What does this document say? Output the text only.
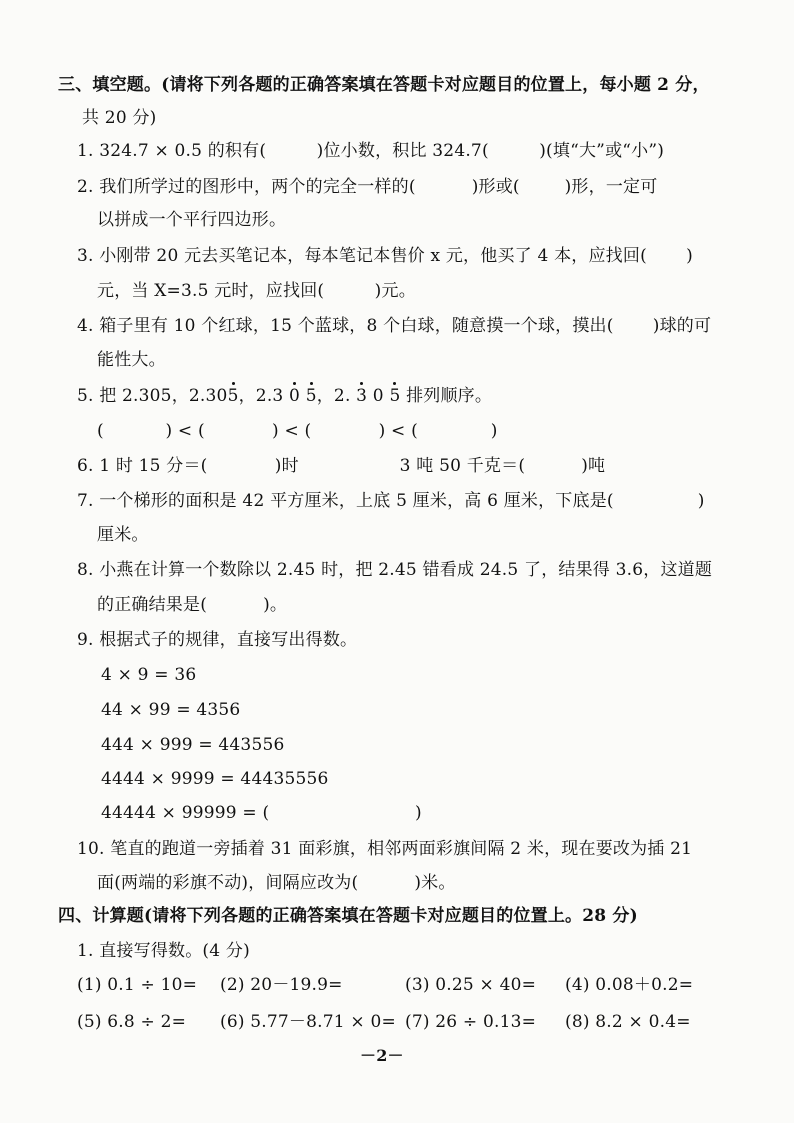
三、填空题。(请将下列各题的正确答案填在答题卡对应题目的位置上，每小题 2 分，
共 20 分)
1. 324.7 × 0.5 的积有(         )位小数，积比 324.7(         )(填“大”或“小”)
2. 我们所学过的图形中，两个的完全一样的(          )形或(        )形，一定可
以拼成一个平行四边形。
3. 小刚带 20 元去买笔记本，每本笔记本售价 x 元，他买了 4 本，应找回(       )
元，当 X=3.5 元时，应找回(         )元。
4. 箱子里有 10 个红球，15 个蓝球，8 个白球，随意摸一个球，摸出(       )球的可
能性大。
5. 把 2.305，2.305，2.3 0 5，2. 3 0 5 排列顺序。
(           ) < (            ) < (            ) < (             )
6. 1 时 15 分＝(            )时                  3 吨 50 千克＝(          )吨
7. 一个梯形的面积是 42 平方厘米，上底 5 厘米，高 6 厘米，下底是(               )
厘米。
8. 小燕在计算一个数除以 2.45 时，把 2.45 错看成 24.5 了，结果得 3.6，这道题
的正确结果是(          )。
9. 根据式子的规律，直接写出得数。
4 × 9 = 36
44 × 99 = 4356
444 × 999 = 443556
4444 × 9999 = 44435556
44444 × 99999 = (                          )
10. 笔直的跑道一旁插着 31 面彩旗，相邻两面彩旗间隔 2 米，现在要改为插 21
面(两端的彩旗不动)，间隔应改为(          )米。
四、计算题(请将下列各题的正确答案填在答题卡对应题目的位置上。28 分)
1. 直接写得数。(4 分)
(1) 0.1 ÷ 10= (2) 20－19.9=	(3) 0.25 × 40= (4) 0.08＋0.2=
(5) 6.8 ÷ 2= (6) 5.77－8.71 × 0= (7) 26 ÷ 0.13= (8) 8.2 × 0.4=
－2－
